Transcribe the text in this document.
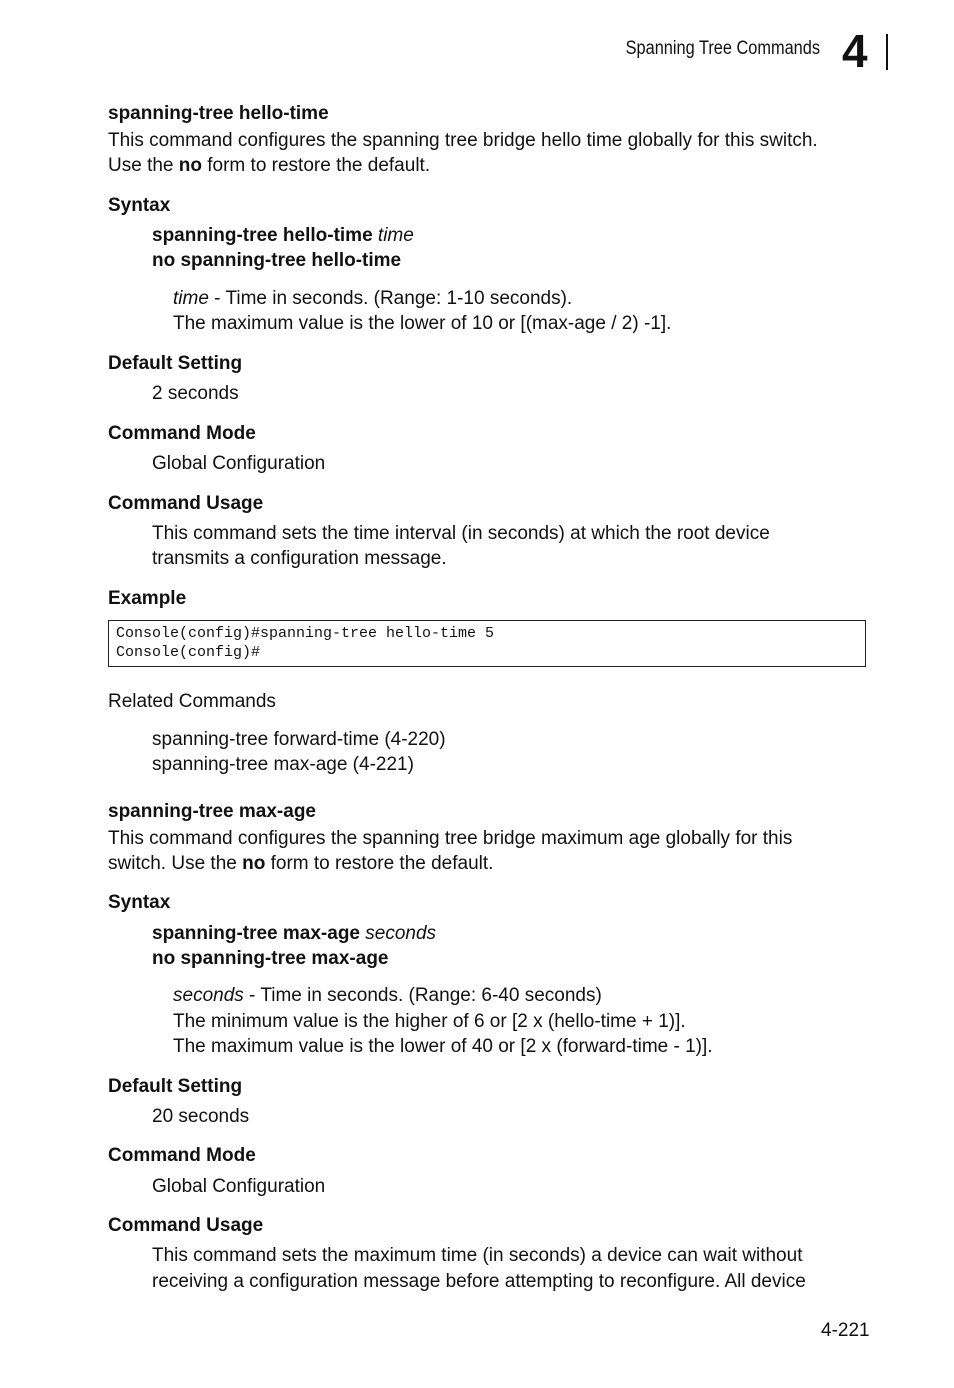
Spanning Tree Commands 4
spanning-tree hello-time
This command configures the spanning tree bridge hello time globally for this switch.
Use the no form to restore the default.
Syntax
spanning-tree hello-time time
no spanning-tree hello-time
time - Time in seconds. (Range: 1-10 seconds).
The maximum value is the lower of 10 or [(max-age / 2) -1].
Default Setting
2 seconds
Command Mode
Global Configuration
Command Usage
This command sets the time interval (in seconds) at which the root device
transmits a configuration message.
Example
Console(config)#spanning-tree hello-time 5
Console(config)#
Related Commands
spanning-tree forward-time (4-220)
spanning-tree max-age (4-221)
spanning-tree max-age
This command configures the spanning tree bridge maximum age globally for this
switch. Use the no form to restore the default.
Syntax
spanning-tree max-age seconds
no spanning-tree max-age
seconds - Time in seconds. (Range: 6-40 seconds)
The minimum value is the higher of 6 or [2 x (hello-time + 1)].
The maximum value is the lower of 40 or [2 x (forward-time - 1)].
Default Setting
20 seconds
Command Mode
Global Configuration
Command Usage
This command sets the maximum time (in seconds) a device can wait without
receiving a configuration message before attempting to reconfigure. All device
4-221
